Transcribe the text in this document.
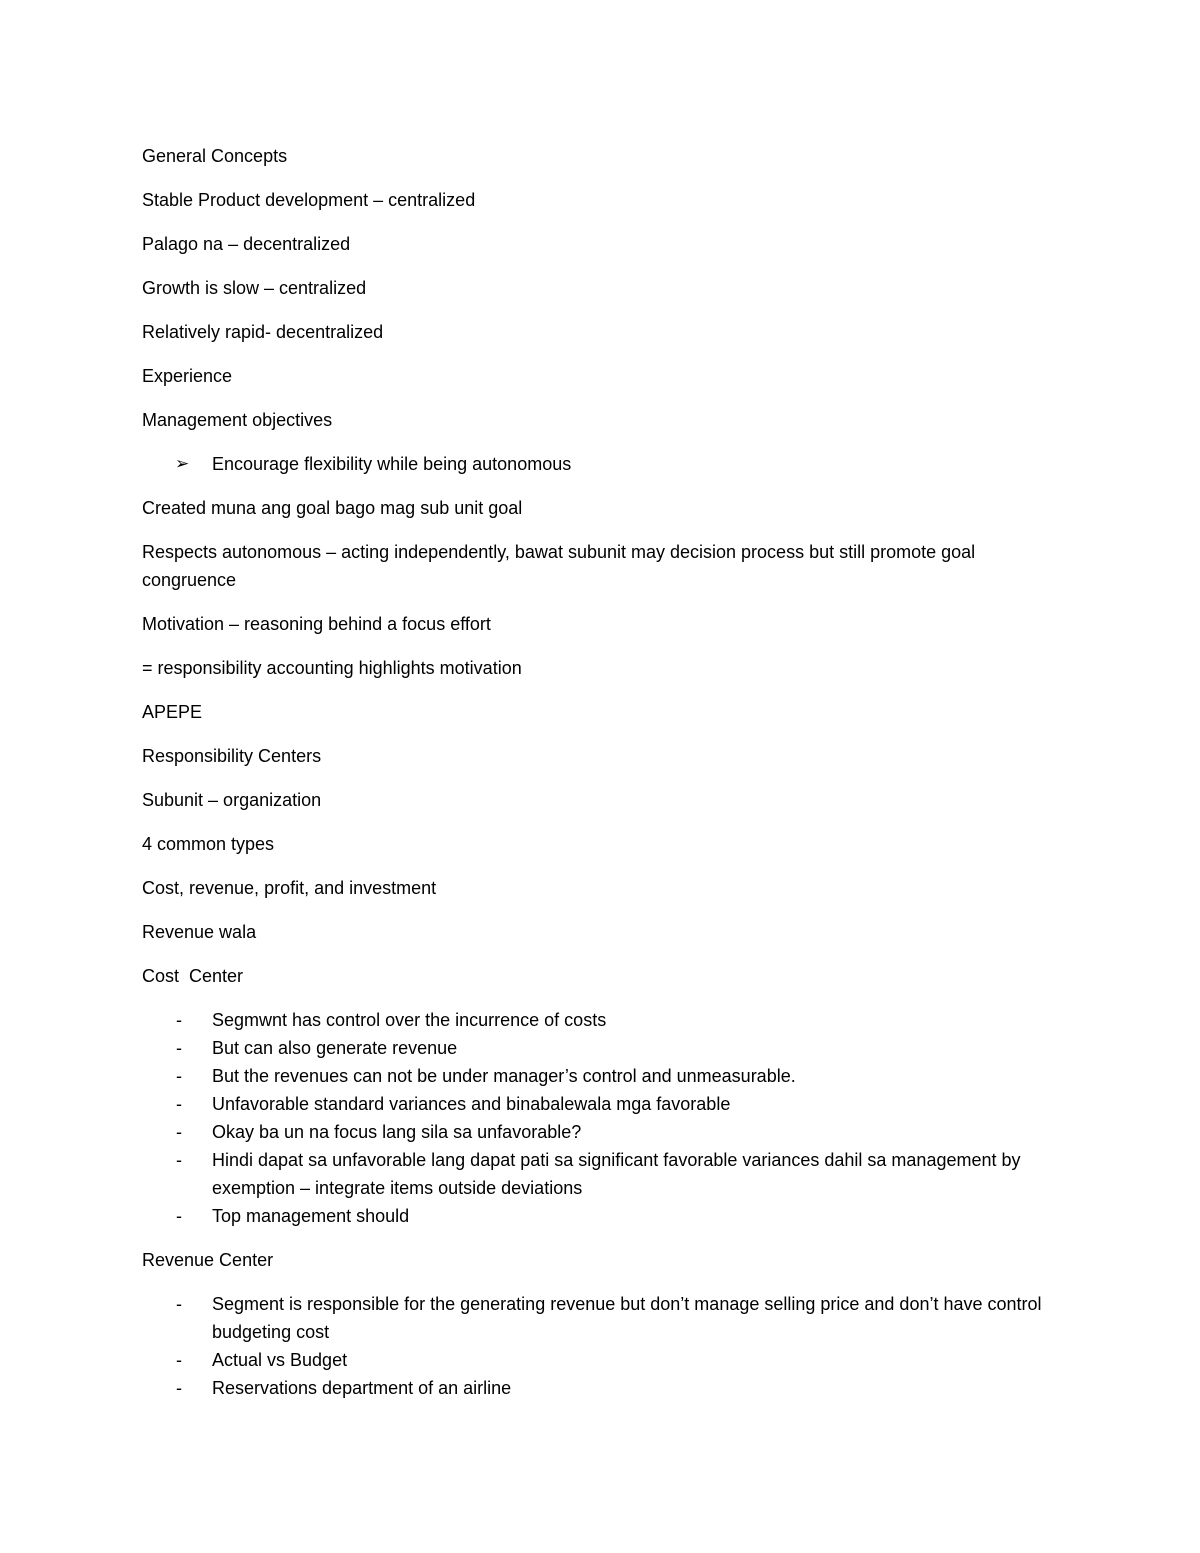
General Concepts

Stable Product development – centralized

Palago na – decentralized

Growth is slow – centralized

Relatively rapid- decentralized

Experience

Management objectives

➢ Encourage flexibility while being autonomous

Created muna ang goal bago mag sub unit goal

Respects autonomous – acting independently, bawat subunit may decision process but still promote goal congruence

Motivation – reasoning behind a focus effort

= responsibility accounting highlights motivation

APEPE

Responsibility Centers

Subunit – organization

4 common types

Cost, revenue, profit, and investment

Revenue wala

Cost  Center

- Segmwnt has control over the incurrence of costs
- But can also generate revenue
- But the revenues can not be under manager’s control and unmeasurable.
- Unfavorable standard variances and binabalewala mga favorable
- Okay ba un na focus lang sila sa unfavorable?
- Hindi dapat sa unfavorable lang dapat pati sa significant favorable variances dahil sa management by exemption – integrate items outside deviations
- Top management should

Revenue Center

- Segment is responsible for the generating revenue but don’t manage selling price and don’t have control budgeting cost
- Actual vs Budget
- Reservations department of an airline
